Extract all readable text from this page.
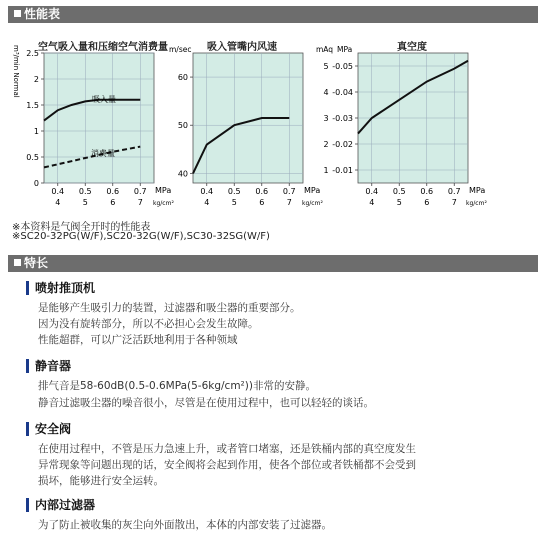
性能表
空气吸入量和压缩空气消费量	吸入管嘴内风速	真空度
m³/min Normal 2.5
2
1.5
1
0.5
0
0.4
4
0.5
5
0.6
6
0.7
7
吸入量
消费量
MPa
kg/cm²
m/sec
60
50
40
0.4
4
0.5
5
0.6
6
0.7
7
MPa
kg/cm²
mAq MPa
5 -0.05
4 -0.04
3 -0.03
2 -0.02
1 -0.01
0.4
4
0.5
5
0.6
6
0.7
7
MPa
kg/cm²
※本资料是气阀全开时的性能表
※SC20-32PG(W/F),SC20-32G(W/F),SC30-32SG(W/F)
特长
喷射推顶机
是能够产生吸引力的装置，过滤器和吸尘器的重要部分。
因为没有旋转部分，所以不必担心会发生故障。
性能超群，可以广泛活跃地利用于各种领域
静音器
排气音是58-60dB(0.5-0.6MPa(5-6kg/cm²))非常的安静。
静音过滤吸尘器的噪音很小，尽管是在使用过程中，也可以轻轻的谈话。
安全阀
在使用过程中，不管是压力急速上升，或者管口堵塞，还是铁桶内部的真空度发生
异常现象等问题出现的话，安全阀将会起到作用，使各个部位或者铁桶都不会受到
损坏，能够进行安全运转。
内部过滤器
为了防止被收集的灰尘向外面散出，本体的内部安装了过滤器。
